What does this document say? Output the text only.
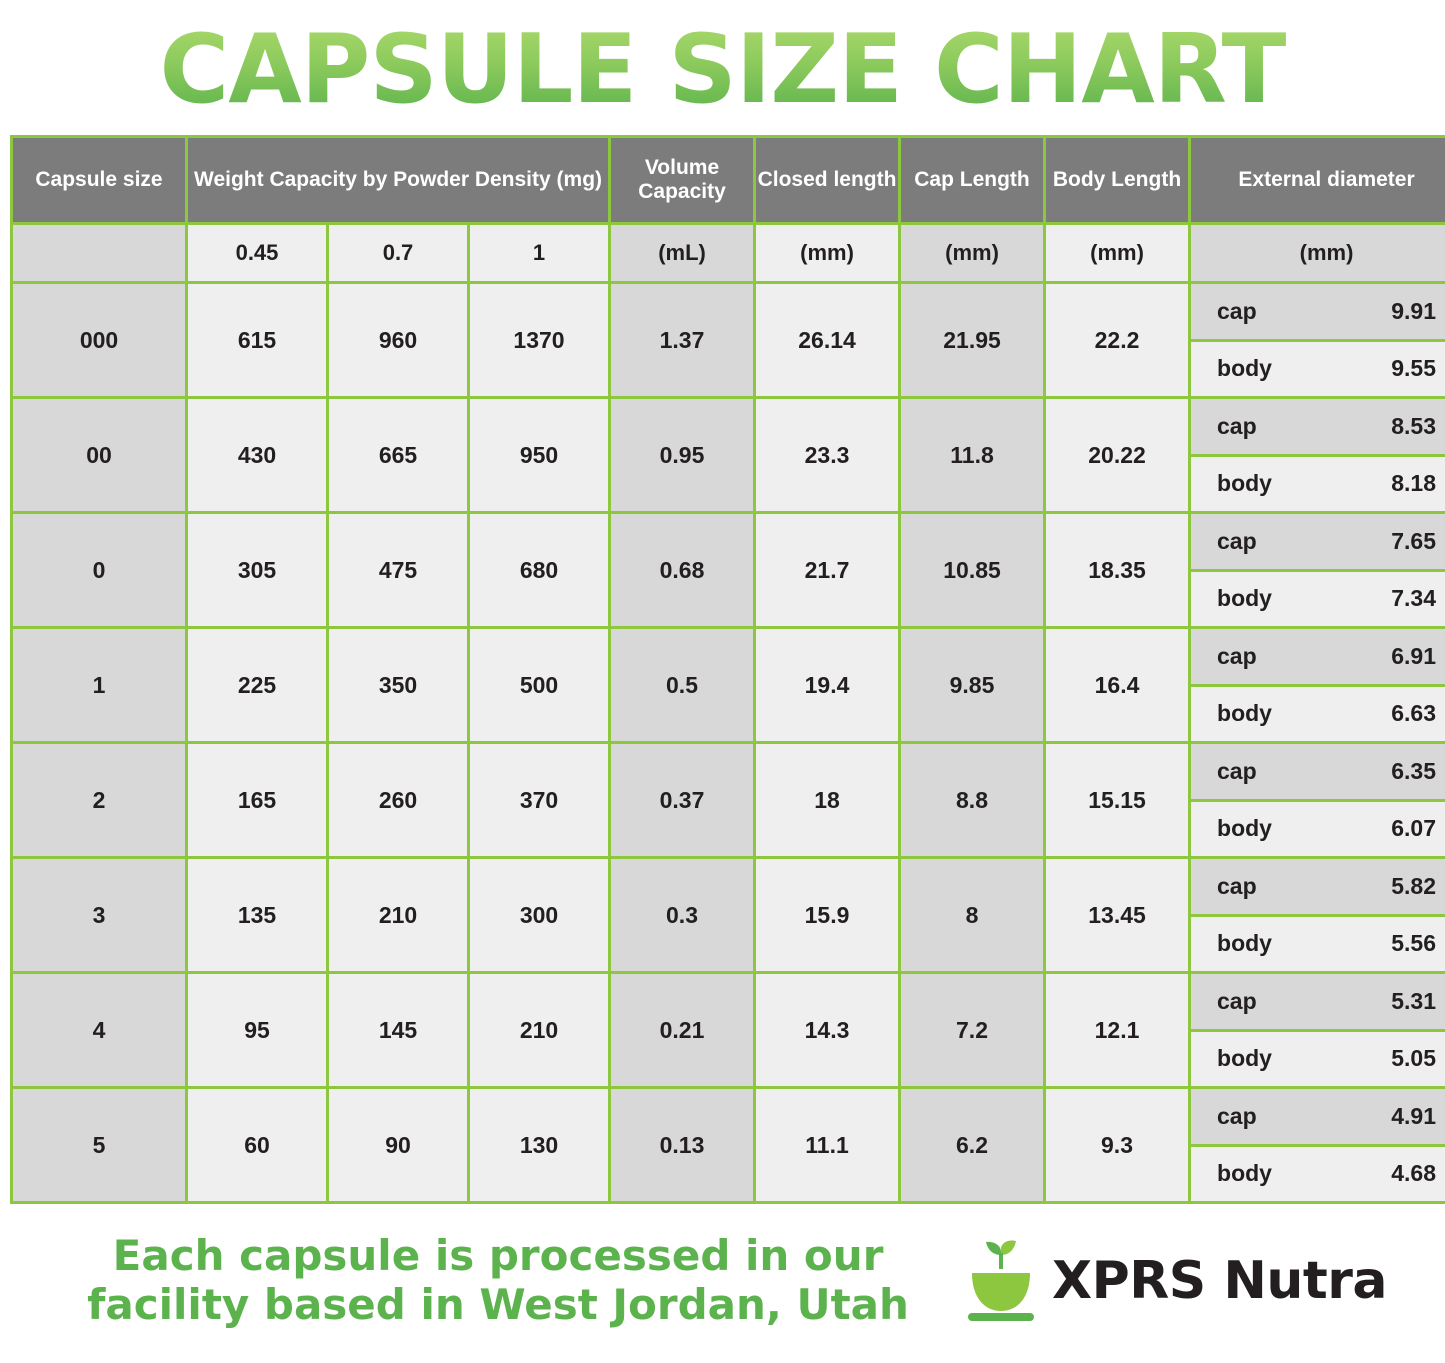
CAPSULE SIZE CHART
Capsule size	Weight Capacity by Powder Density (mg)			Volume Capacity	Closed length	Cap Length	Body Length	External diameter
	0.45	0.7	1	(mL)	(mm)	(mm)	(mm)	(mm)
000	615	960	1370	1.37	26.14	21.95	22.2	cap 9.91
body 9.55

00	430	665	950	0.95	23.3	11.8	20.22	cap 8.53
body 8.18

0	305	475	680	0.68	21.7	10.85	18.35	cap 7.65
body 7.34

1	225	350	500	0.5	19.4	9.85	16.4	cap 6.91
body 6.63

2	165	260	370	0.37	18	8.8	15.15	cap 6.35
body 6.07

3	135	210	300	0.3	15.9	8	13.45	cap 5.82
body 5.56

4	95	145	210	0.21	14.3	7.2	12.1	cap 5.31
body 5.05

5	60	90	130	0.13	11.1	6.2	9.3	cap 4.91
body 4.68
Each capsule is processed in our facility based in West Jordan, Utah	XPRS Nutra
